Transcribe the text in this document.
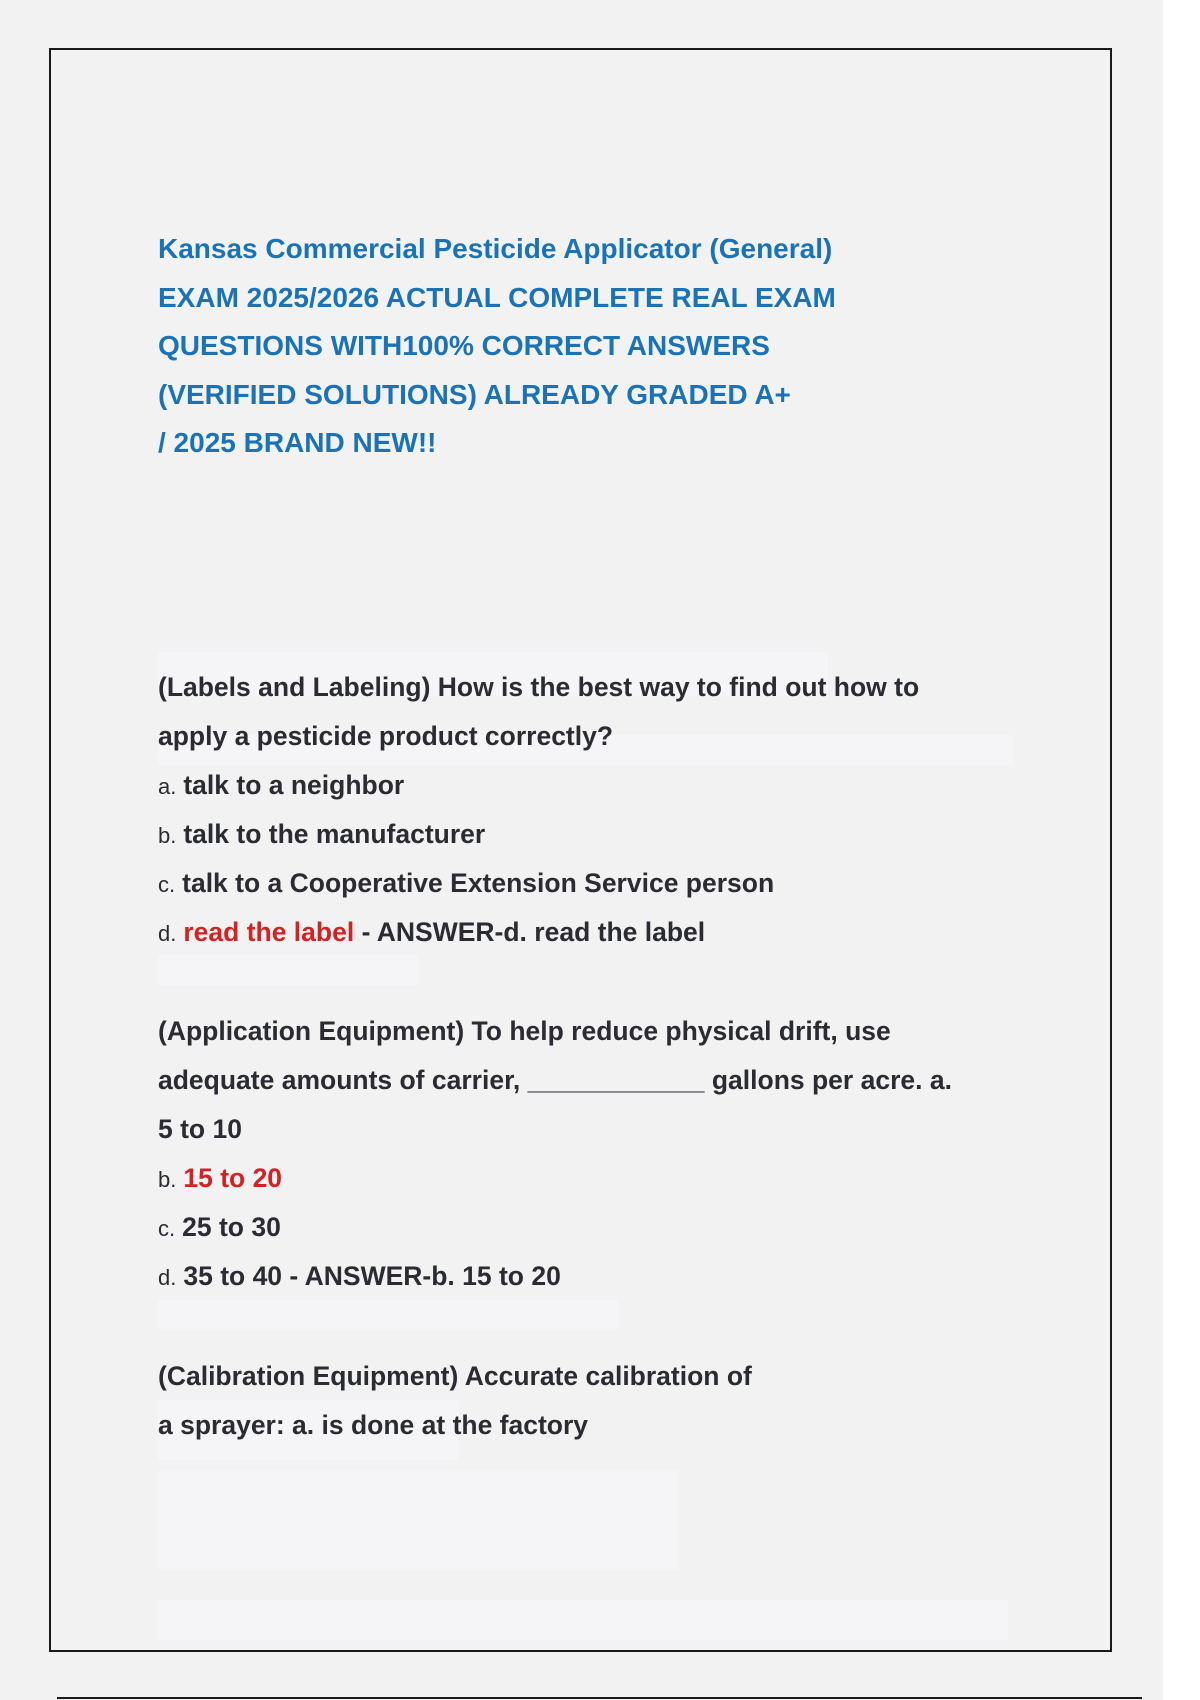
Kansas Commercial Pesticide Applicator (General)
EXAM 2025/2026 ACTUAL COMPLETE REAL EXAM
QUESTIONS WITH100% CORRECT ANSWERS
(VERIFIED SOLUTIONS) ALREADY GRADED A+
/ 2025 BRAND NEW!!
(Labels and Labeling) How is the best way to find out how to
apply a pesticide product correctly?
a. talk to a neighbor
b. talk to the manufacturer
c. talk to a Cooperative Extension Service person
d. read the label - ANSWER-d. read the label
(Application Equipment) To help reduce physical drift, use
adequate amounts of carrier, ____________ gallons per acre. a.
5 to 10
b. 15 to 20
c. 25 to 30
d. 35 to 40 - ANSWER-b. 15 to 20
(Calibration Equipment) Accurate calibration of
a sprayer: a. is done at the factory
